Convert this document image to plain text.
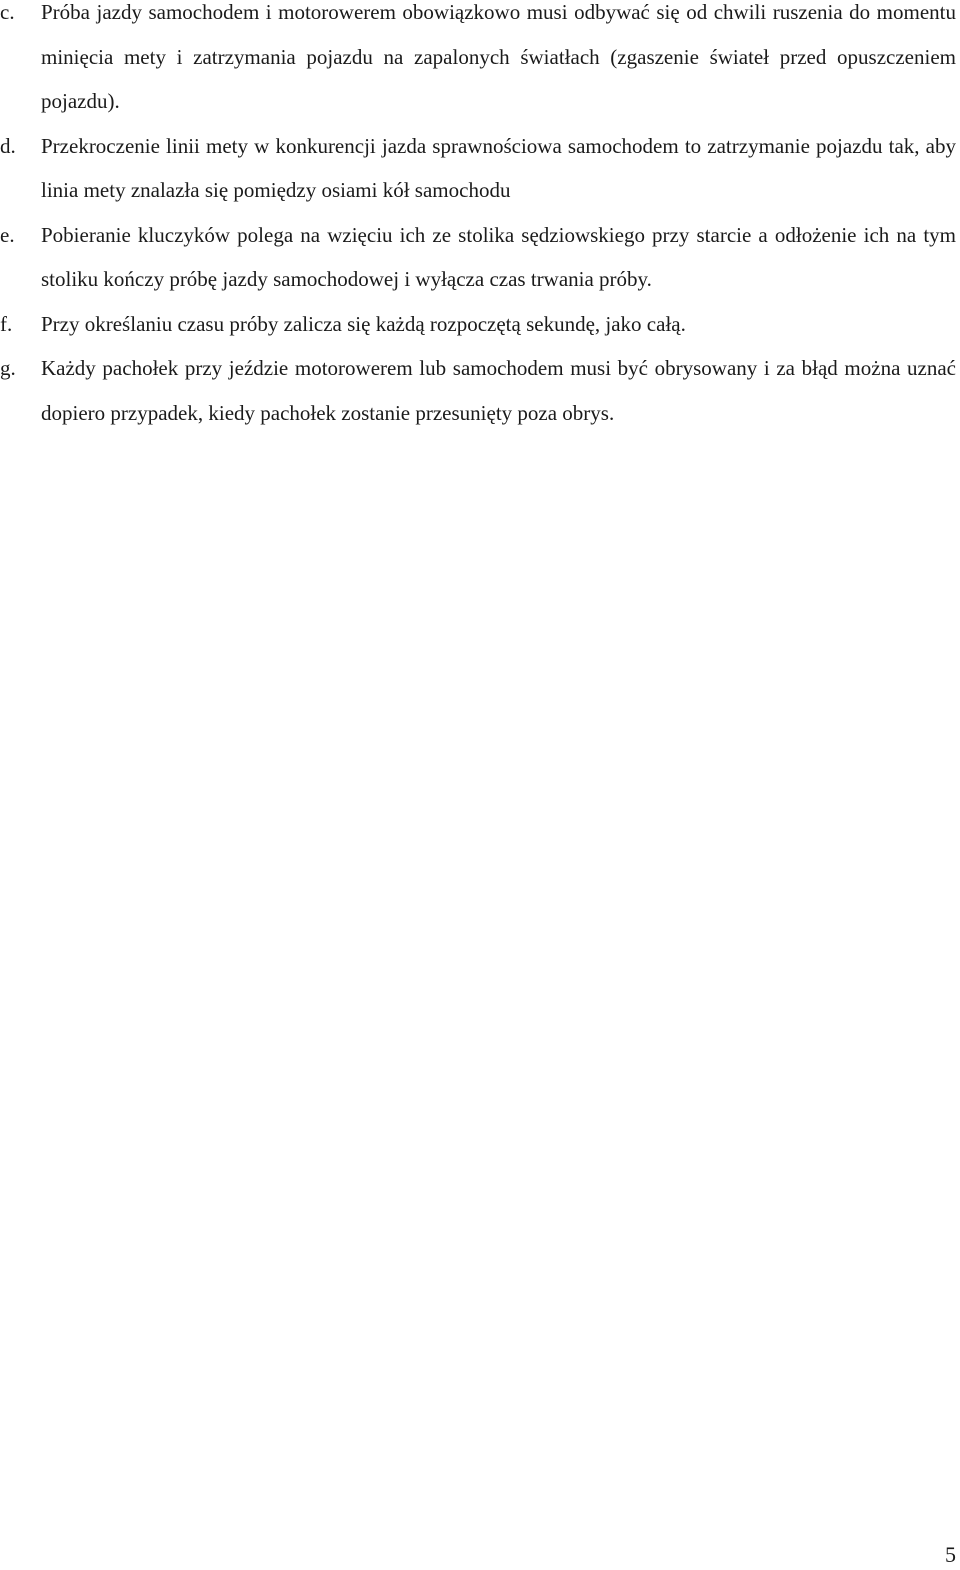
c.	Próba jazdy samochodem i motorowerem obowiązkowo musi odbywać się od chwili ruszenia do momentu minięcia mety i zatrzymania pojazdu na zapalonych światłach (zgaszenie świateł przed opuszczeniem pojazdu).
d.	Przekroczenie linii mety w konkurencji jazda sprawnościowa samochodem to zatrzymanie pojazdu tak, aby linia mety znalazła się pomiędzy osiami kół samochodu
e.	Pobieranie kluczyków polega na wzięciu ich ze stolika sędziowskiego przy starcie a odłożenie ich na tym stoliku kończy próbę jazdy samochodowej i wyłącza czas trwania próby.
f.	Przy określaniu czasu próby zalicza się każdą rozpoczętą sekundę, jako całą.
g.	Każdy pachołek przy jeździe motorowerem lub samochodem musi być obrysowany i za błąd można uznać dopiero przypadek, kiedy pachołek zostanie przesunięty poza obrys.
5
